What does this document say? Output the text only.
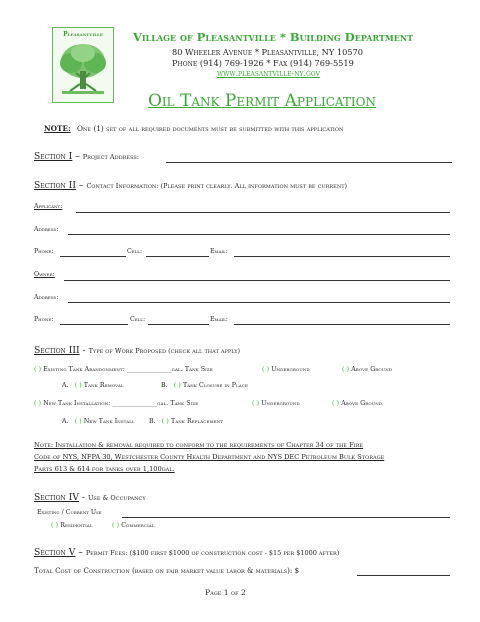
Pleasantville	Village of Pleasantville * Building Department
80 Wheeler Avenue * Pleasantville, NY 10570
Phone (914) 769-1926 * Fax (914) 769-5519
www.pleasantville-ny.gov
Oil Tank Permit Application
NOTE: One (1) set of all required documents must be submitted with this application
Section I – Project Address:
Section II – Contact Information: (Please print clearly. All information must be current)
Applicant:
Address:
Phone:	Cell:	Email:
Owner:
Address:
Phone:	Cell:	Email:
Section III - Type of Work Proposed (check all that apply)
( ) Existing Tank Abandonment: ______________gal. Tank Size	( ) Underground	( ) Above Ground
A. ( ) Tank Removal	B. ( ) Tank Closure in Place
( ) New Tank Installation: ______________gal. Tank Size	( ) Underground	( ) Above Ground
A. ( ) New Tank Install B. ( ) Tank Replacement
Note: Installation & removal required to conform to the requirements of Chapter 34 of the Fire
Code of NYS, NFPA 30, Westchester County Health Department and NYS DEC Petroleum Bulk Storage
Parts 613 & 614 for tanks over 1,100gal.
Section IV - Use & Occupancy
Existing / Current Use
( ) Residential	( ) Commercial
Section V – Permit Fees: ($100 first $1000 of construction cost - $15 per $1000 after)
Total Cost of Construction (based on fair market value labor & materials): $
Page 1 of 2
